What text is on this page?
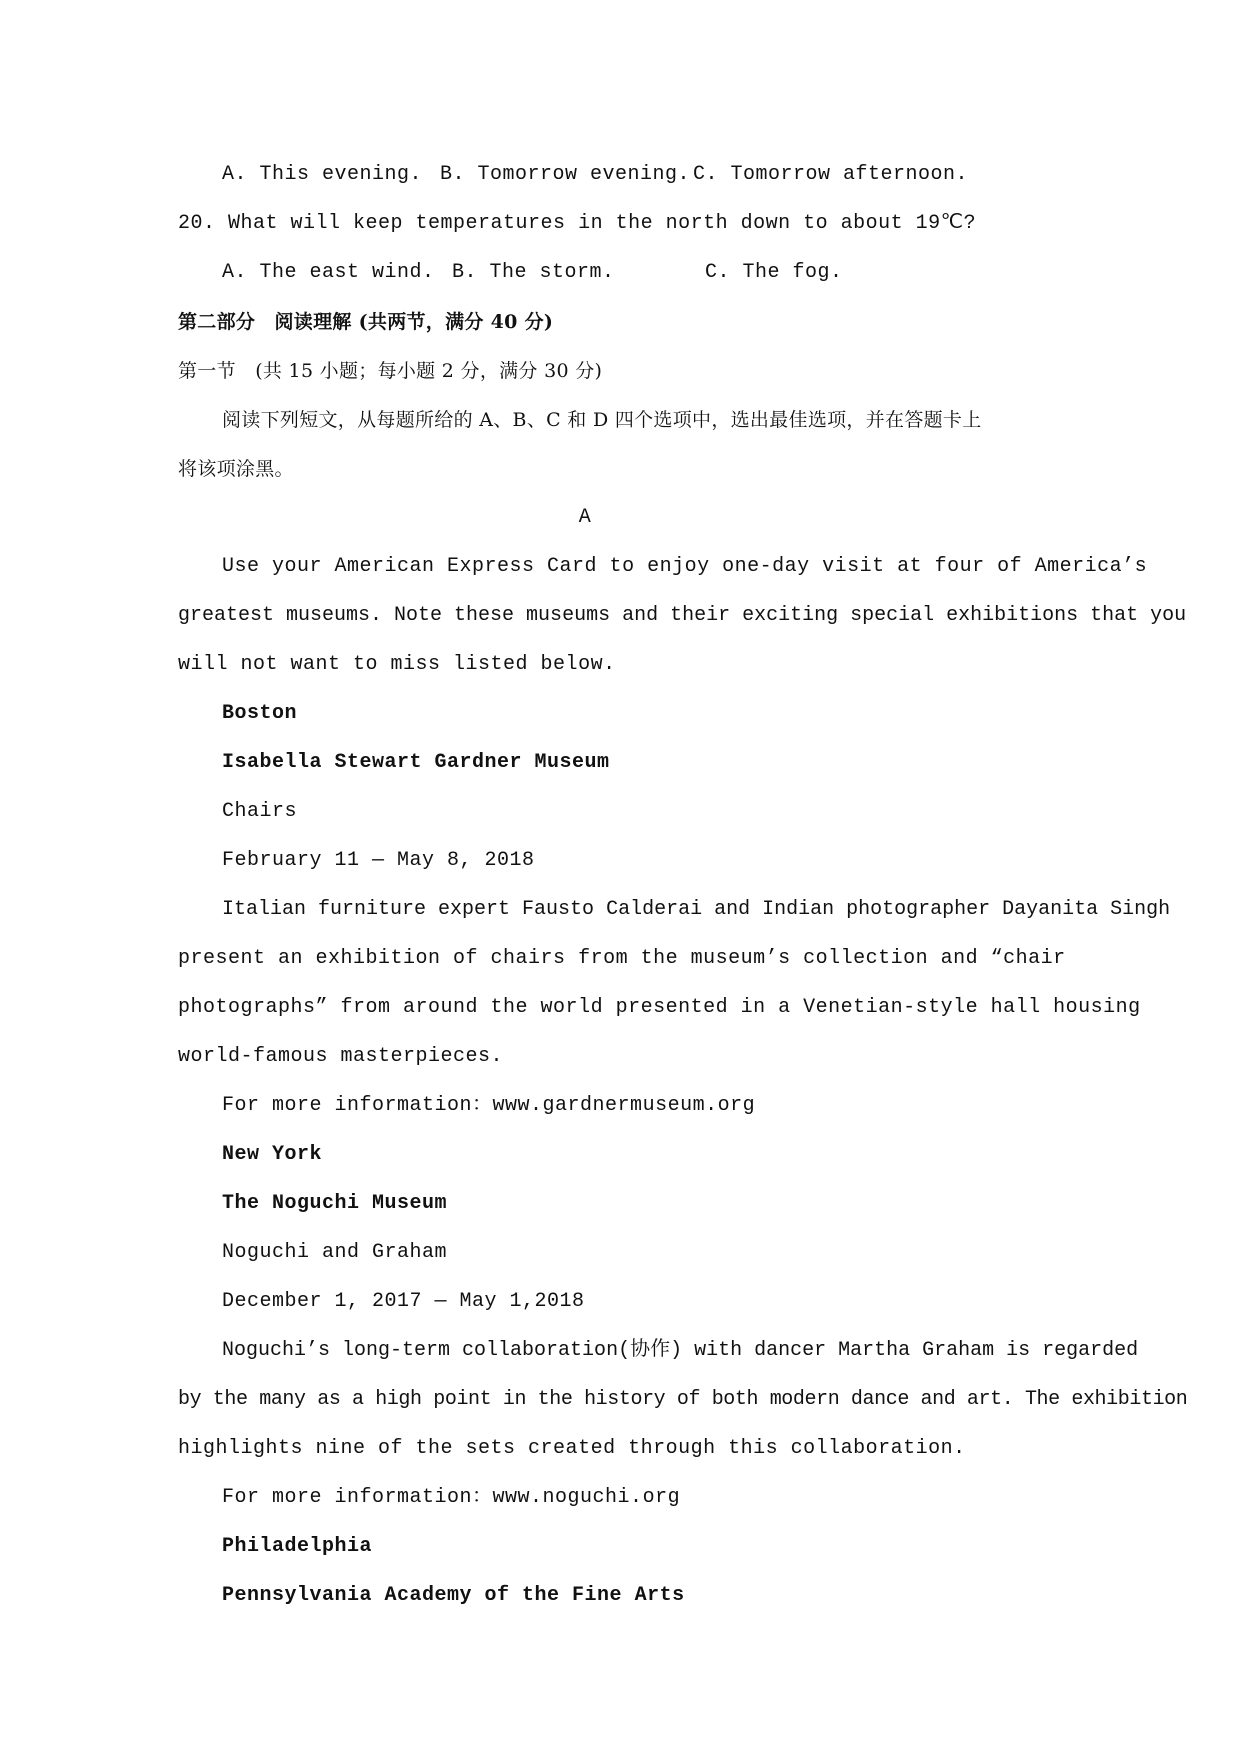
A. This evening. B. Tomorrow evening. C. Tomorrow afternoon.
20. What will keep temperatures in the north down to about 19℃?
A. The east wind. B. The storm.	C. The fog.
第二部分　阅读理解 (共两节，满分 40 分)
第一节　(共 15 小题；每小题 2 分，满分 30 分)
阅读下列短文，从每题所给的 A、B、C 和 D 四个选项中，选出最佳选项，并在答题卡上
将该项涂黑。
A
Use your American Express Card to enjoy one-day visit at four of America’s
greatest museums. Note these museums and their exciting special exhibitions that you
will not want to miss listed below.
Boston
Isabella Stewart Gardner Museum
Chairs
February 11 — May 8, 2018
Italian furniture expert Fausto Calderai and Indian photographer Dayanita Singh
present an exhibition of chairs from the museum’s collection and “chair
photographs” from around the world presented in a Venetian-style hall housing
world-famous masterpieces.
For more information：www.gardnermuseum.org
New York
The Noguchi Museum
Noguchi and Graham
December 1, 2017 — May 1,2018
Noguchi’s long-term collaboration(协作) with dancer Martha Graham is regarded
by the many as a high point in the history of both modern dance and art. The exhibition
highlights nine of the sets created through this collaboration.
For more information：www.noguchi.org
Philadelphia
Pennsylvania Academy of the Fine Arts
